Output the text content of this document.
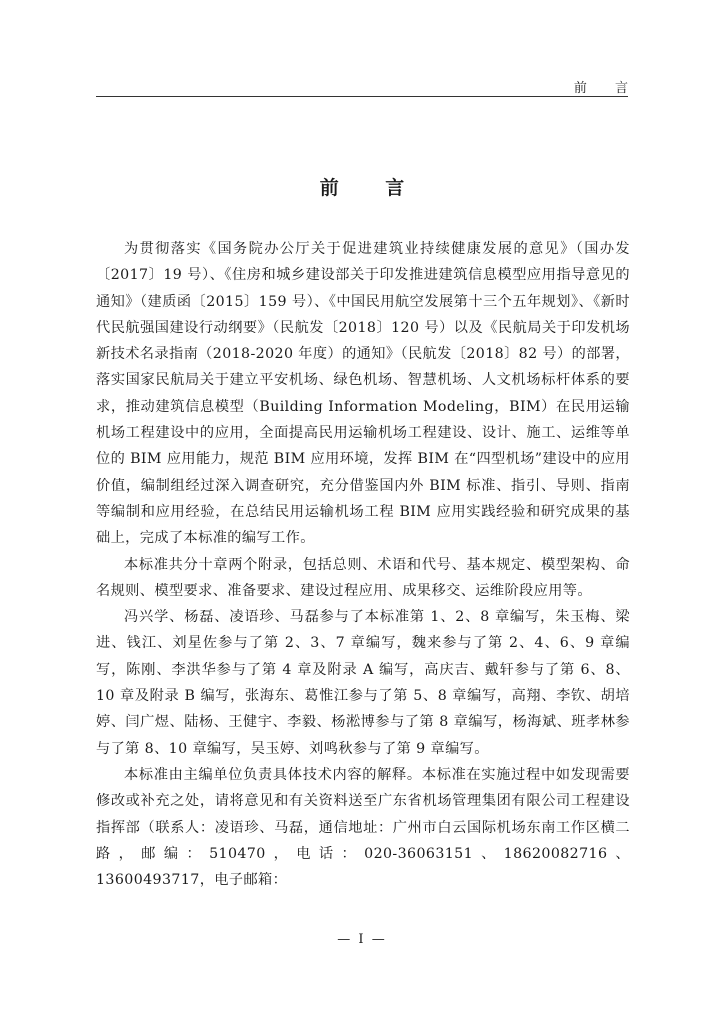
前 言
前 言

为贯彻落实《国务院办公厅关于促进建筑业持续健康发展的意见》（国办发〔2017〕19 号）、《住房和城乡建设部关于印发推进建筑信息模型应用指导意见的通知》（建质函〔2015〕159 号）、《中国民用航空发展第十三个五年规划》、《新时代民航强国建设行动纲要》（民航发〔2018〕120 号）以及《民航局关于印发机场新技术名录指南（2018-2020 年度）的通知》（民航发〔2018〕82 号）的部署，落实国家民航局关于建立平安机场、绿色机场、智慧机场、人文机场标杆体系的要求，推动建筑信息模型（Building Information Modeling，BIM）在民用运输机场工程建设中的应用，全面提高民用运输机场工程建设、设计、施工、运维等单位的 BIM 应用能力，规范 BIM 应用环境，发挥 BIM 在“四型机场”建设中的应用价值，编制组经过深入调查研究，充分借鉴国内外 BIM 标准、指引、导则、指南等编制和应用经验，在总结民用运输机场工程 BIM 应用实践经验和研究成果的基础上，完成了本标准的编写工作。

本标准共分十章两个附录，包括总则、术语和代号、基本规定、模型架构、命名规则、模型要求、准备要求、建设过程应用、成果移交、运维阶段应用等。

冯兴学、杨磊、凌语珍、马磊参与了本标准第 1、2、8 章编写，朱玉梅、梁进、钱江、刘星佐参与了第 2、3、7 章编写，魏来参与了第 2、4、6、9 章编写，陈刚、李洪华参与了第 4 章及附录 A 编写，高庆吉、戴轩参与了第 6、8、10 章及附录 B 编写，张海东、葛惟江参与了第 5、8 章编写，高翔、李钦、胡培婷、闫广煜、陆杨、王健宇、李毅、杨淞博参与了第 8 章编写，杨海斌、班孝林参与了第 8、10 章编写，吴玉婷、刘鸣秋参与了第 9 章编写。

本标准由主编单位负责具体技术内容的解释。本标准在实施过程中如发现需要修改或补充之处，请将意见和有关资料送至广东省机场管理集团有限公司工程建设指挥部（联系人：凌语珍、马磊，通信地址：广州市白云国际机场东南工作区横二路，邮编：510470，电话：020-36063151、18620082716、13600493717，电子邮箱：

— I —
